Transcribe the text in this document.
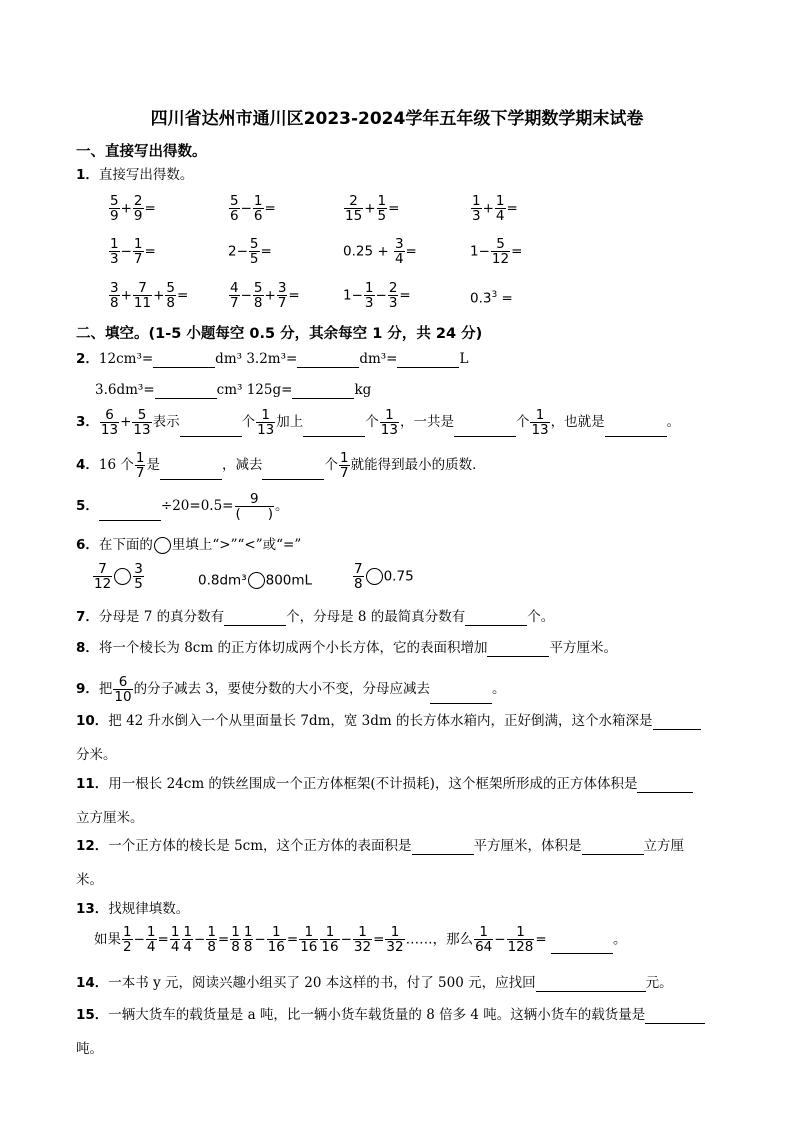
四川省达州市通川区2023-2024学年五年级下学期数学期末试卷
一、直接写出得数。
1．直接写出得数。
$\frac{5}{9} + \frac{2}{9}$ =	$\frac{5}{6} - \frac{1}{6}$ =	$\frac{2}{15} + \frac{1}{5}$ =	$\frac{1}{3} + \frac{1}{4}$ =
$\frac{1}{3} - \frac{1}{7}$ =	$2- \frac{5}{5}$ =	$0.25 + \frac{3}{4}$ =	$1- \frac{5}{12}$ =
$\frac{3}{8} + \frac{7}{11} + \frac{5}{8}$ =	$\frac{4}{7} - \frac{5}{8} + \frac{3}{7}$ =	$1- \frac{1}{3} - \frac{2}{3}$ =	$0.3^3$ =
二、填空。(1-5 小题每空 0.5 分，其余每空 1 分，共 24 分)
2．12cm³=	dm³ 3.2m³=	dm³=	L
3.6dm³=	cm³ 125g=	kg
3． $\frac{6}{13} + \frac{5}{13}$ 表示	个 $\frac{1}{13}$ 加上	个 $\frac{1}{13}$ ，一共是	个 $\frac{1}{13}$ ，也就是	。
4．16 个 $\frac{1}{7}$ 是	，减去	个 $\frac{1}{7}$ 就能得到最小的质数．
5．	$\div 20=0.5= \frac{9}{( )}$ 。
6．在下面的 里填上“>”“<”或“=”
$\frac{7}{12} \frac{3}{5}$	0.8dm³ 800mL	$\frac{7}{8} 0.75$
7．分母是 7 的真分数有	个，分母是 8 的最简真分数有	个。
8．将一个棱长为 8cm 的正方体切成两个小长方体，它的表面积增加	平方厘米。
9．把 $\frac{6}{10}$ 的分子减去 3，要使分数的大小不变，分母应减去	。
10．把 42 升水倒入一个从里面量长 7dm，宽 3dm 的长方体水箱内，正好倒满，这个水箱深是
分米。
11．用一根长 24cm 的铁丝围成一个正方体框架(不计损耗)，这个框架所形成的正方体体积是
立方厘米。
12．一个正方体的棱长是 5cm，这个正方体的表面积是	平方厘米，体积是	立方厘
米。
13．找规律填数。
如果 $\frac{1}{2} - \frac{1}{4} = \frac{1}{4} \frac{1}{4} - \frac{1}{8} = \frac{1}{8} \frac{1}{8} - \frac{1}{16} = \frac{1}{16} \frac{1}{16} - \frac{1}{32} = \frac{1}{32}$ ……，那么 $\frac{1}{64} - \frac{1}{128}$ =	。
14．一本书 y 元，阅读兴趣小组买了 20 本这样的书，付了 500 元，应找回	元。
15．一辆大货车的载货量是 a 吨，比一辆小货车载货量的 8 倍多 4 吨。这辆小货车的载货量是
吨。
